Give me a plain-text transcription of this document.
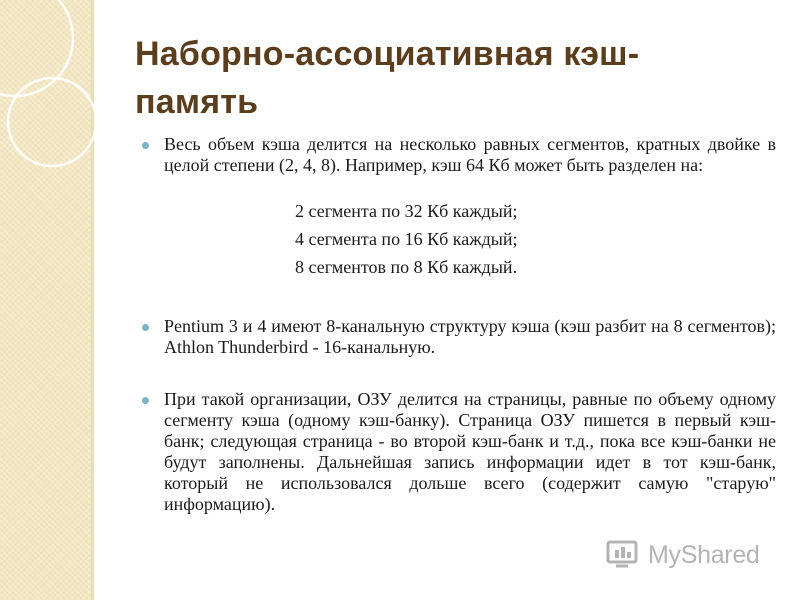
Наборно-ассоциативная кэш-
память
Весь объем кэша делится на несколько равных сегментов, кратных двойке в целой степени (2, 4, 8). Например, кэш 64 Кб может быть разделен на:
2 сегмента по 32 Кб каждый;
4 сегмента по 16 Кб каждый;
8 сегментов по 8 Кб каждый.
Pentium 3 и 4 имеют 8-канальную структуру кэша (кэш разбит на 8 сегментов); Athlon Thunderbird - 16-канальную.
При такой организации, ОЗУ делится на страницы, равные по объему одному сегменту кэша (одному кэш-банку). Страница ОЗУ пишется в первый кэш-банк; следующая страница - во второй кэш-банк и т.д., пока все кэш-банки не будут заполнены. Дальнейшая запись информации идет в тот кэш-банк, который не использовался дольше всего (содержит самую "старую" информацию).
MyShared
